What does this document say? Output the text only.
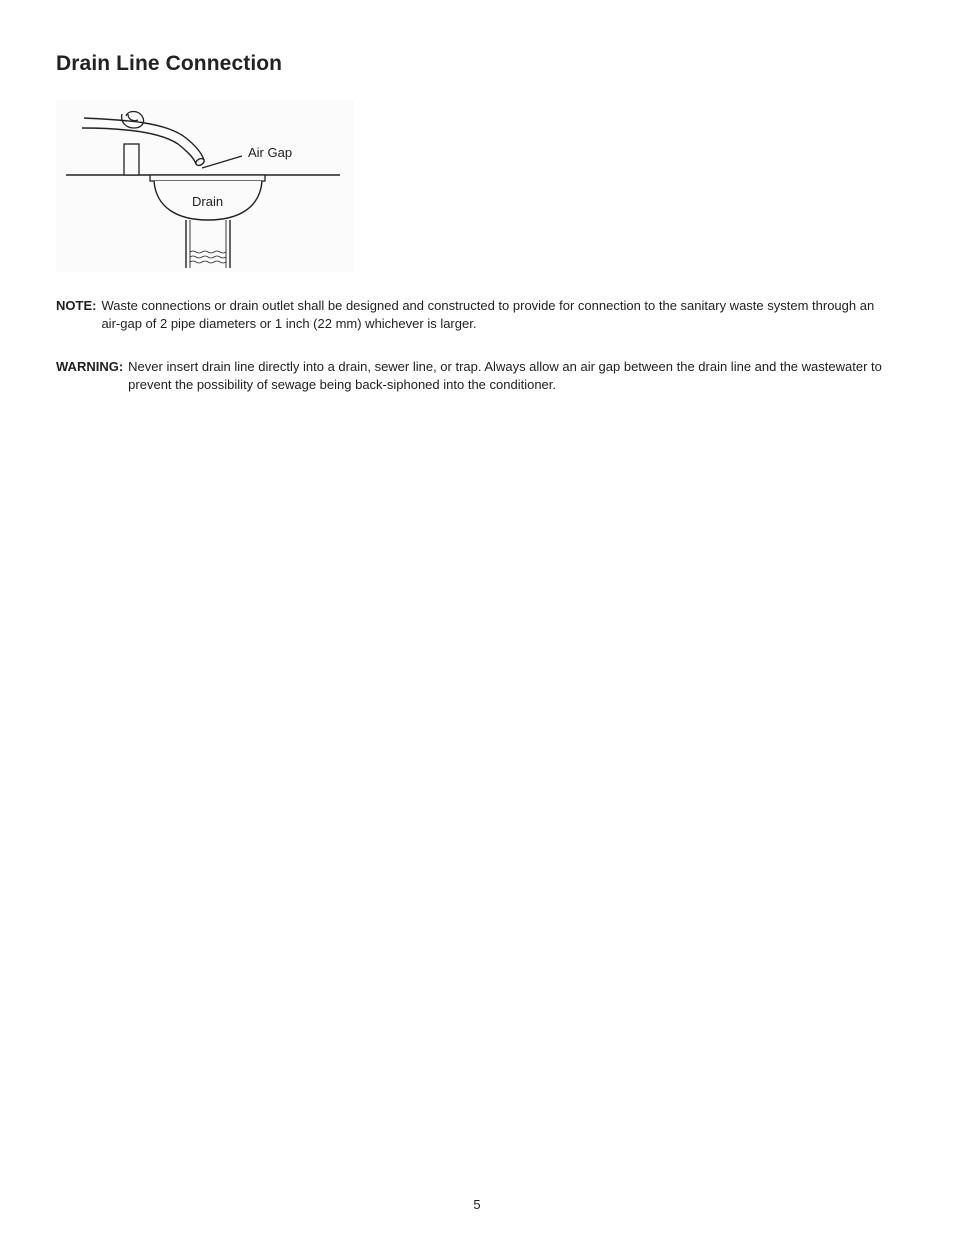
Drain Line Connection
Air Gap
Drain
NOTE: Waste connections or drain outlet shall be designed and constructed to provide for connection to the sanitary waste system through an air-gap of 2 pipe diameters or 1 inch (22 mm) whichever is larger.
WARNING: Never insert drain line directly into a drain, sewer line, or trap. Always allow an air gap between the drain line and the wastewater to prevent the possibility of sewage being back-siphoned into the conditioner.
5
